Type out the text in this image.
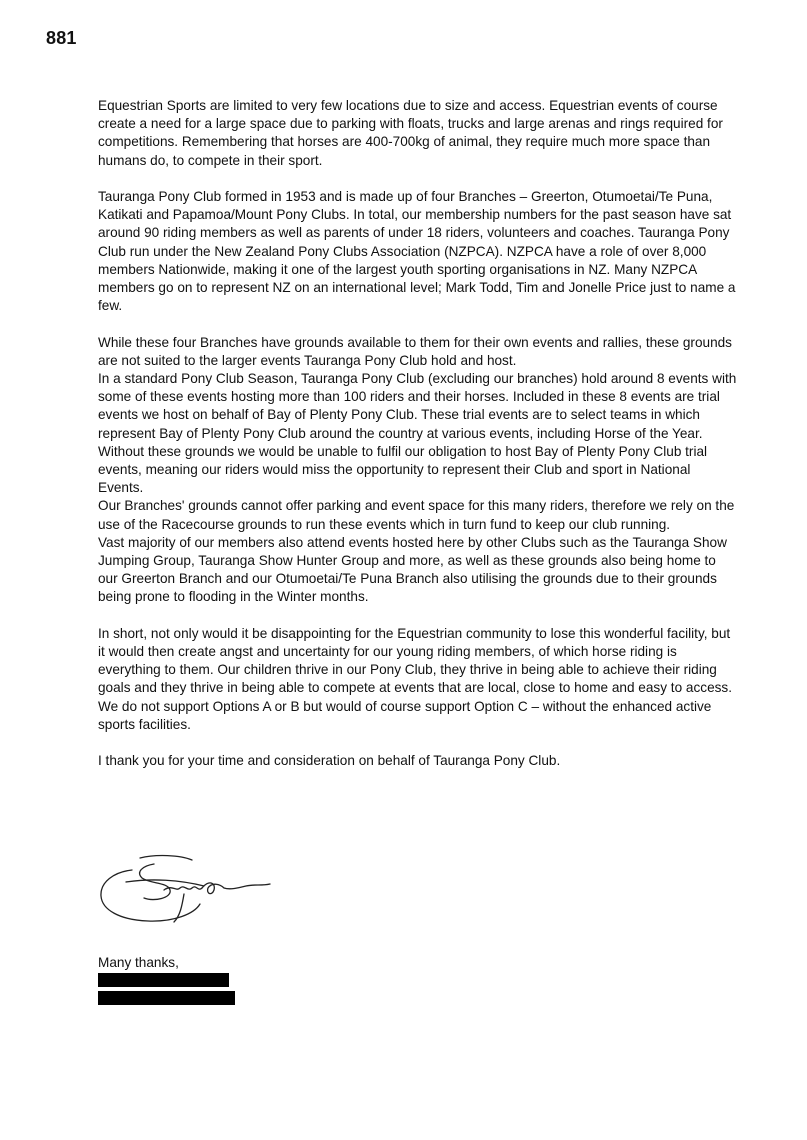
881

Equestrian Sports are limited to very few locations due to size and access. Equestrian events of course create a need for a large space due to parking with floats, trucks and large arenas and rings required for competitions. Remembering that horses are 400-700kg of animal, they require much more space than humans do, to compete in their sport.

Tauranga Pony Club formed in 1953 and is made up of four Branches – Greerton, Otumoetai/Te Puna, Katikati and Papamoa/Mount Pony Clubs. In total, our membership numbers for the past season have sat around 90 riding members as well as parents of under 18 riders, volunteers and coaches. Tauranga Pony Club run under the New Zealand Pony Clubs Association (NZPCA). NZPCA have a role of over 8,000 members Nationwide, making it one of the largest youth sporting organisations in NZ. Many NZPCA members go on to represent NZ on an international level; Mark Todd, Tim and Jonelle Price just to name a few.

While these four Branches have grounds available to them for their own events and rallies, these grounds are not suited to the larger events Tauranga Pony Club hold and host.

In a standard Pony Club Season, Tauranga Pony Club (excluding our branches) hold around 8 events with some of these events hosting more than 100 riders and their horses. Included in these 8 events are trial events we host on behalf of Bay of Plenty Pony Club. These trial events are to select teams in which represent Bay of Plenty Pony Club around the country at various events, including Horse of the Year. Without these grounds we would be unable to fulfil our obligation to host Bay of Plenty Pony Club trial events, meaning our riders would miss the opportunity to represent their Club and sport in National Events.

Our Branches' grounds cannot offer parking and event space for this many riders, therefore we rely on the use of the Racecourse grounds to run these events which in turn fund to keep our club running.

Vast majority of our members also attend events hosted here by other Clubs such as the Tauranga Show Jumping Group, Tauranga Show Hunter Group and more, as well as these grounds also being home to our Greerton Branch and our Otumoetai/Te Puna Branch also utilising the grounds due to their grounds being prone to flooding in the Winter months.

In short, not only would it be disappointing for the Equestrian community to lose this wonderful facility, but it would then create angst and uncertainty for our young riding members, of which horse riding is everything to them. Our children thrive in our Pony Club, they thrive in being able to achieve their riding goals and they thrive in being able to compete at events that are local, close to home and easy to access.

We do not support Options A or B but would of course support Option C – without the enhanced active sports facilities.

I thank you for your time and consideration on behalf of Tauranga Pony Club.

Many thanks,
